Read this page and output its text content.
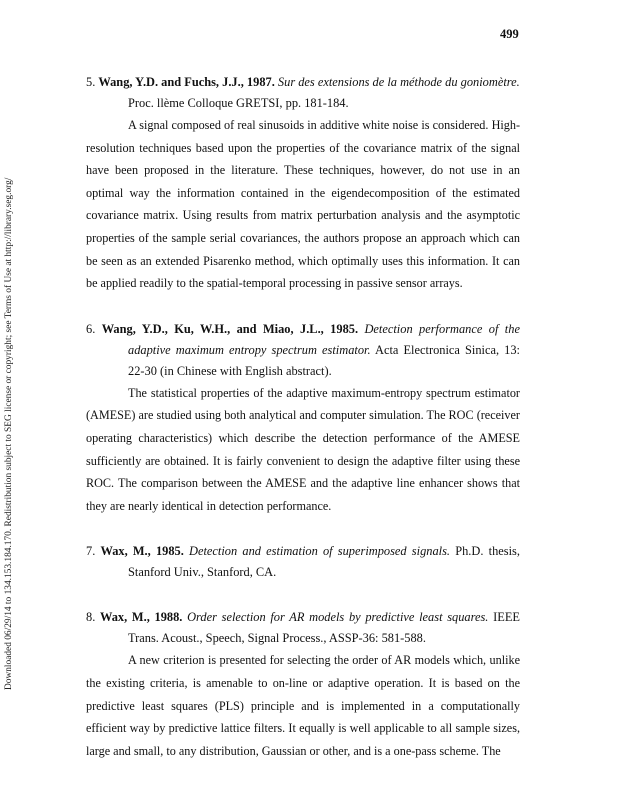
499
Downloaded 06/29/14 to 134.153.184.170. Redistribution subject to SEG license or copyright; see Terms of Use at http://library.seg.org/

5. Wang, Y.D. and Fuchs, J.J., 1987. Sur des extensions de la méthode du goniomètre.

Proc. llème Colloque GRETSI, pp. 181-184.

A signal composed of real sinusoids in additive white noise is considered. High-resolution techniques based upon the properties of the covariance matrix of the signal have been proposed in the literature. These techniques, however, do not use in an optimal way the information contained in the eigendecomposition of the estimated covariance matrix. Using results from matrix perturbation analysis and the asymptotic properties of the sample serial covariances, the authors propose an approach which can be seen as an extended Pisarenko method, which optimally uses this information. It can be applied readily to the spatial-temporal processing in passive sensor arrays.

6. Wang, Y.D., Ku, W.H., and Miao, J.L., 1985. Detection performance of the adaptive maximum entropy spectrum estimator. Acta Electronica Sinica, 13: 22-30 (in Chinese with English abstract).

The statistical properties of the adaptive maximum-entropy spectrum estimator (AMESE) are studied using both analytical and computer simulation. The ROC (receiver operating characteristics) which describe the detection performance of the AMESE sufficiently are obtained. It is fairly convenient to design the adaptive filter using these ROC. The comparison between the AMESE and the adaptive line enhancer shows that they are nearly identical in detection performance.

7. Wax, M., 1985. Detection and estimation of superimposed signals. Ph.D. thesis, Stanford Univ., Stanford, CA.

8. Wax, M., 1988. Order selection for AR models by predictive least squares. IEEE Trans. Acoust., Speech, Signal Process., ASSP-36: 581-588.

A new criterion is presented for selecting the order of AR models which, unlike the existing criteria, is amenable to on-line or adaptive operation. It is based on the predictive least squares (PLS) principle and is implemented in a computationally efficient way by predictive lattice filters. It equally is well applicable to all sample sizes, large and small, to any distribution, Gaussian or other, and is a one-pass scheme. The
